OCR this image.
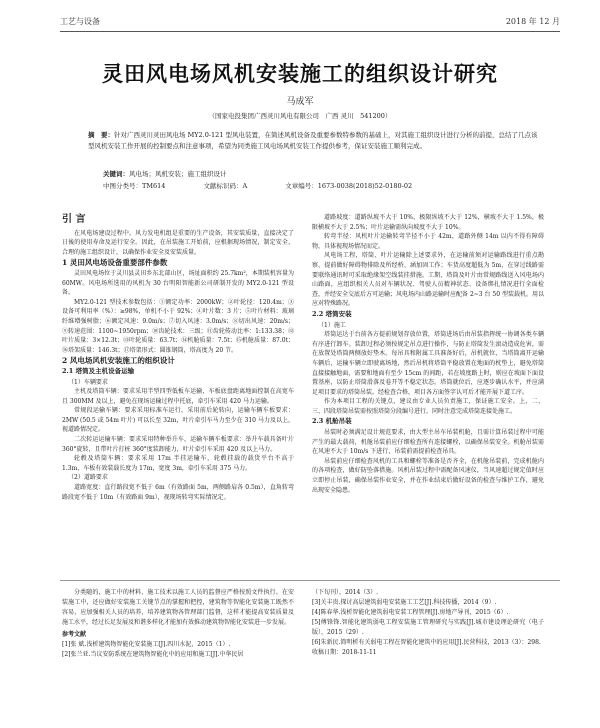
工艺与设备	2018 年 12 月
灵田风电场风机安装施工的组织设计研究
马成军
（国家电投集团广西灵川风电有限公司　广西 灵川　541200）
摘　要：针对广西灵川灵田风电场 MY2.0-121 型风电装置，在简述风机设备及重要参数特参数的基础上，对其施工组织设计进行分析的前提，总结了几点该型风机安装工作开展的控制要点和注意事项，希望为同类施工风电场风机安装工作提供参考，保证安装施工顺利完成。
关键词：风电场；风机安装；施工组织设计
中图分类号：TM614	文献标识码：A	文章编号：1673-0038(2018)52-0180-02
引 言

在风电场建设过程中，风力发电机组是重要的生产设备，其安装质量，直接决定了日後的使用寿命及运行安全。因此，在吊装施工开始前，应根据现场情况，制定安全、合理的施工组织设计，以确保作业安全及安装质量。

1 灵田风电场设备重要部件参数

灵田风电场位于灵川县灵田乡东北部山区，场址面积约 25.7km²，本期装机容量为 60MW。风电场所选用的风机为 30 台明阳智能新公司研制开发的 MY2.0-121 型设备。

MY2.0-121 型技术参数包括：①额定功率：2000kW；②叶轮径：120.4m；③设备可利用率（%）：≥98%，单机不小于 92%；④叶片数：3 片；⑤叶片材料：玻璃纤维增强树脂；⑥额定风速：9.0m/s；⑦切入风速：3.0m/s；⑧切出风速：20m/s；⑨转速范围：1100~1950rpm；⑩齿轮技术：三级；⑪齿轮传动比率：1:133.38；⑫叶片质量：3×12.3t；⑬叶轮质量：63.7t；⑭机舱质量：7.5t；⑮机舱质量：87.0t；⑯塔架质量：146.3t；⑰塔架形式：圆锥钢筒，塔高度为 20 节。

2 风电场风机安装施工的组织设计
2.1 塔筒及主机设备运输
（1）车辆要求

主机及塔筒车辆：要求采用半型四型低板车运输，车板底盘距离地面控制在高宽车且 300MM 及以上，避免在现场运输过程中托底，牵引车采用 420 马力运输。

常规段运输车辆：要求采用标准车运行，采用前后轮转向，运输车辆车板要求：2MW (50.5 或 54m 叶片) 可以长至 32m，叶片牵引车马力至少在 310 马力及以上，视道路情况定。

二次转运运输车辆：要求采用特种举升车，运输车辆车板要求：举升车载具备叶片 360°旋转，且带叶片打桩 360°度装卸能力，叶片牵引车采用 420 及以上马力。

轮毂及塔筒车辆：要求采用 17m 半挂运输车，轮毂挂载的载货平台不高于 1.3m，车板有效装载长度为 17m，宽度 3m，牵引车采用 375 马力。

（2）道路要求

道路宽度：直行路段宽不低于 6m（有效路面 5m，两侧路肩各 0.5m），直角转弯路段宽不低于 10m（有效路面 9m），视现场转弯实际情况定。

道路坡度：道路纵坡不大于 10%，极限纵坡不大于 12%，横坡不大于 1.5%，极限横坡不大于 2.5%；叶片运输需纵向坡度不大于 10%。

转弯半径：风机叶片运输转弯半径不小于 42m，道路外侧 14m 以内不得有障碍物，具体视现场情况而定。

风电场工程，塔筒、叶片运输除上述要求外，在运输前须对运输路线进行重点勘察，提前做好障碍物排除及所经桥、涵加固工作；车货高度超低为 5m，在穿过线路需要联络通讯时可采取绝缘架空线装挂措施。工期，塔筒及叶片由常规路线送入风电场内山路面，应组织相关人员对车辆状况、驾驶人员精神状态、设备绑扎情况进行全面检查，并经安全交底后方可运输；风电场内山路运输时应配备 2~3 台 50 型装载机，用以应对特殊路况。

2.2 塔筒安装
（1）施工

塔筒运达于台前各方提前规划存放位置，塔筒进场后由吊装指挥统一协调各类车辆有序进行卸车。装卸过程必须按规定吊点进行操作，与防止塔筒发生滚动造成危害，需在放置处塔筒两侧放好垫木。每吊具和附属工具准备好后，吊机就位，当塔筒离开运输车辆后，运输车辆立即驶离场地，然后吊机将塔筒平稳放置在地面的枕垫上，避免塔筒直接接触地面，需要和地面有至少 15cm 的间距，若在坡度路上时，则应在坡面下面设置基座，以防止塔筒滑落及卷开等不稳定状态。塔筒就位后，应逐步确认水平，并应满足项目要求的塔筒吊装。经检查合格，项目各方面签字认可后才能开展下道工序。

作为本项目工程的关键点，建议由专业人员负责施工，保证施工安全。上、二、三、四段塔筒吊装需按照塔筒分段编号进行，同时注意完成塔筒连接处施工。

2.3 机舱吊装

吊装时必须满足设计规范要求，由大型主吊车吊装机舱，且需计算吊装过程中可能产生的最大载荷，机舱吊装前应仔细检查所有连接螺栓，以确保吊装安全。机舱吊装需在风速不大于 10m/s 下进行，吊装前需提前检查吊具。

吊装前应仔细检查风机的工具和螺栓等准备是否齐全，在机舱吊装前，完成机舱内的各项检查，做好防坠落措施。风机吊装过程中需配备风速仪，当风速超过规定值时应立即停止吊装，确保吊装作业安全，并在作业结束后做好设备的检查与维护工作，避免出现安全隐患。

分类随的，施工中的材料、施工技术以施工人员的监督应严格按照文件执行。在安装施工中，还应做好安装施工关键节点的掌握和把控，建筑物等智能化安装施工既然不容易，应加强相关人员的培养，培养建筑物各管理部门监督，这样才能提高安装质量及施工水平，经过长足发展及和谐多样化才能加有效推动建筑物智能化安装进一步发展。

参考文献

[1]张 斌.浅析建筑物智能化安装施工[J].四川水泥，2015（1）.

[2]张兰亚.当议安防系统在建筑物智能化中的应用和施工[J].中华民居

（下旬刊），2014（3）.

[3]关丰贵.探讨高层建筑弱电安装施工工艺[J].科技传播，2014（9）.

[4]陈春华.浅析智能化建筑弱电安装工程管理[J].房地产导刊，2015（6）.

[5]傅锋锋.智能化建筑弱电工程安装施工管理研究与实践[J].城市建设理论研究（电子版），2015（29）.

[6]朱新民.简明析有关弱电工程在智能化建筑中的应用[J].民营科技，2013（3）：298.

收稿日期：2018-11-11
